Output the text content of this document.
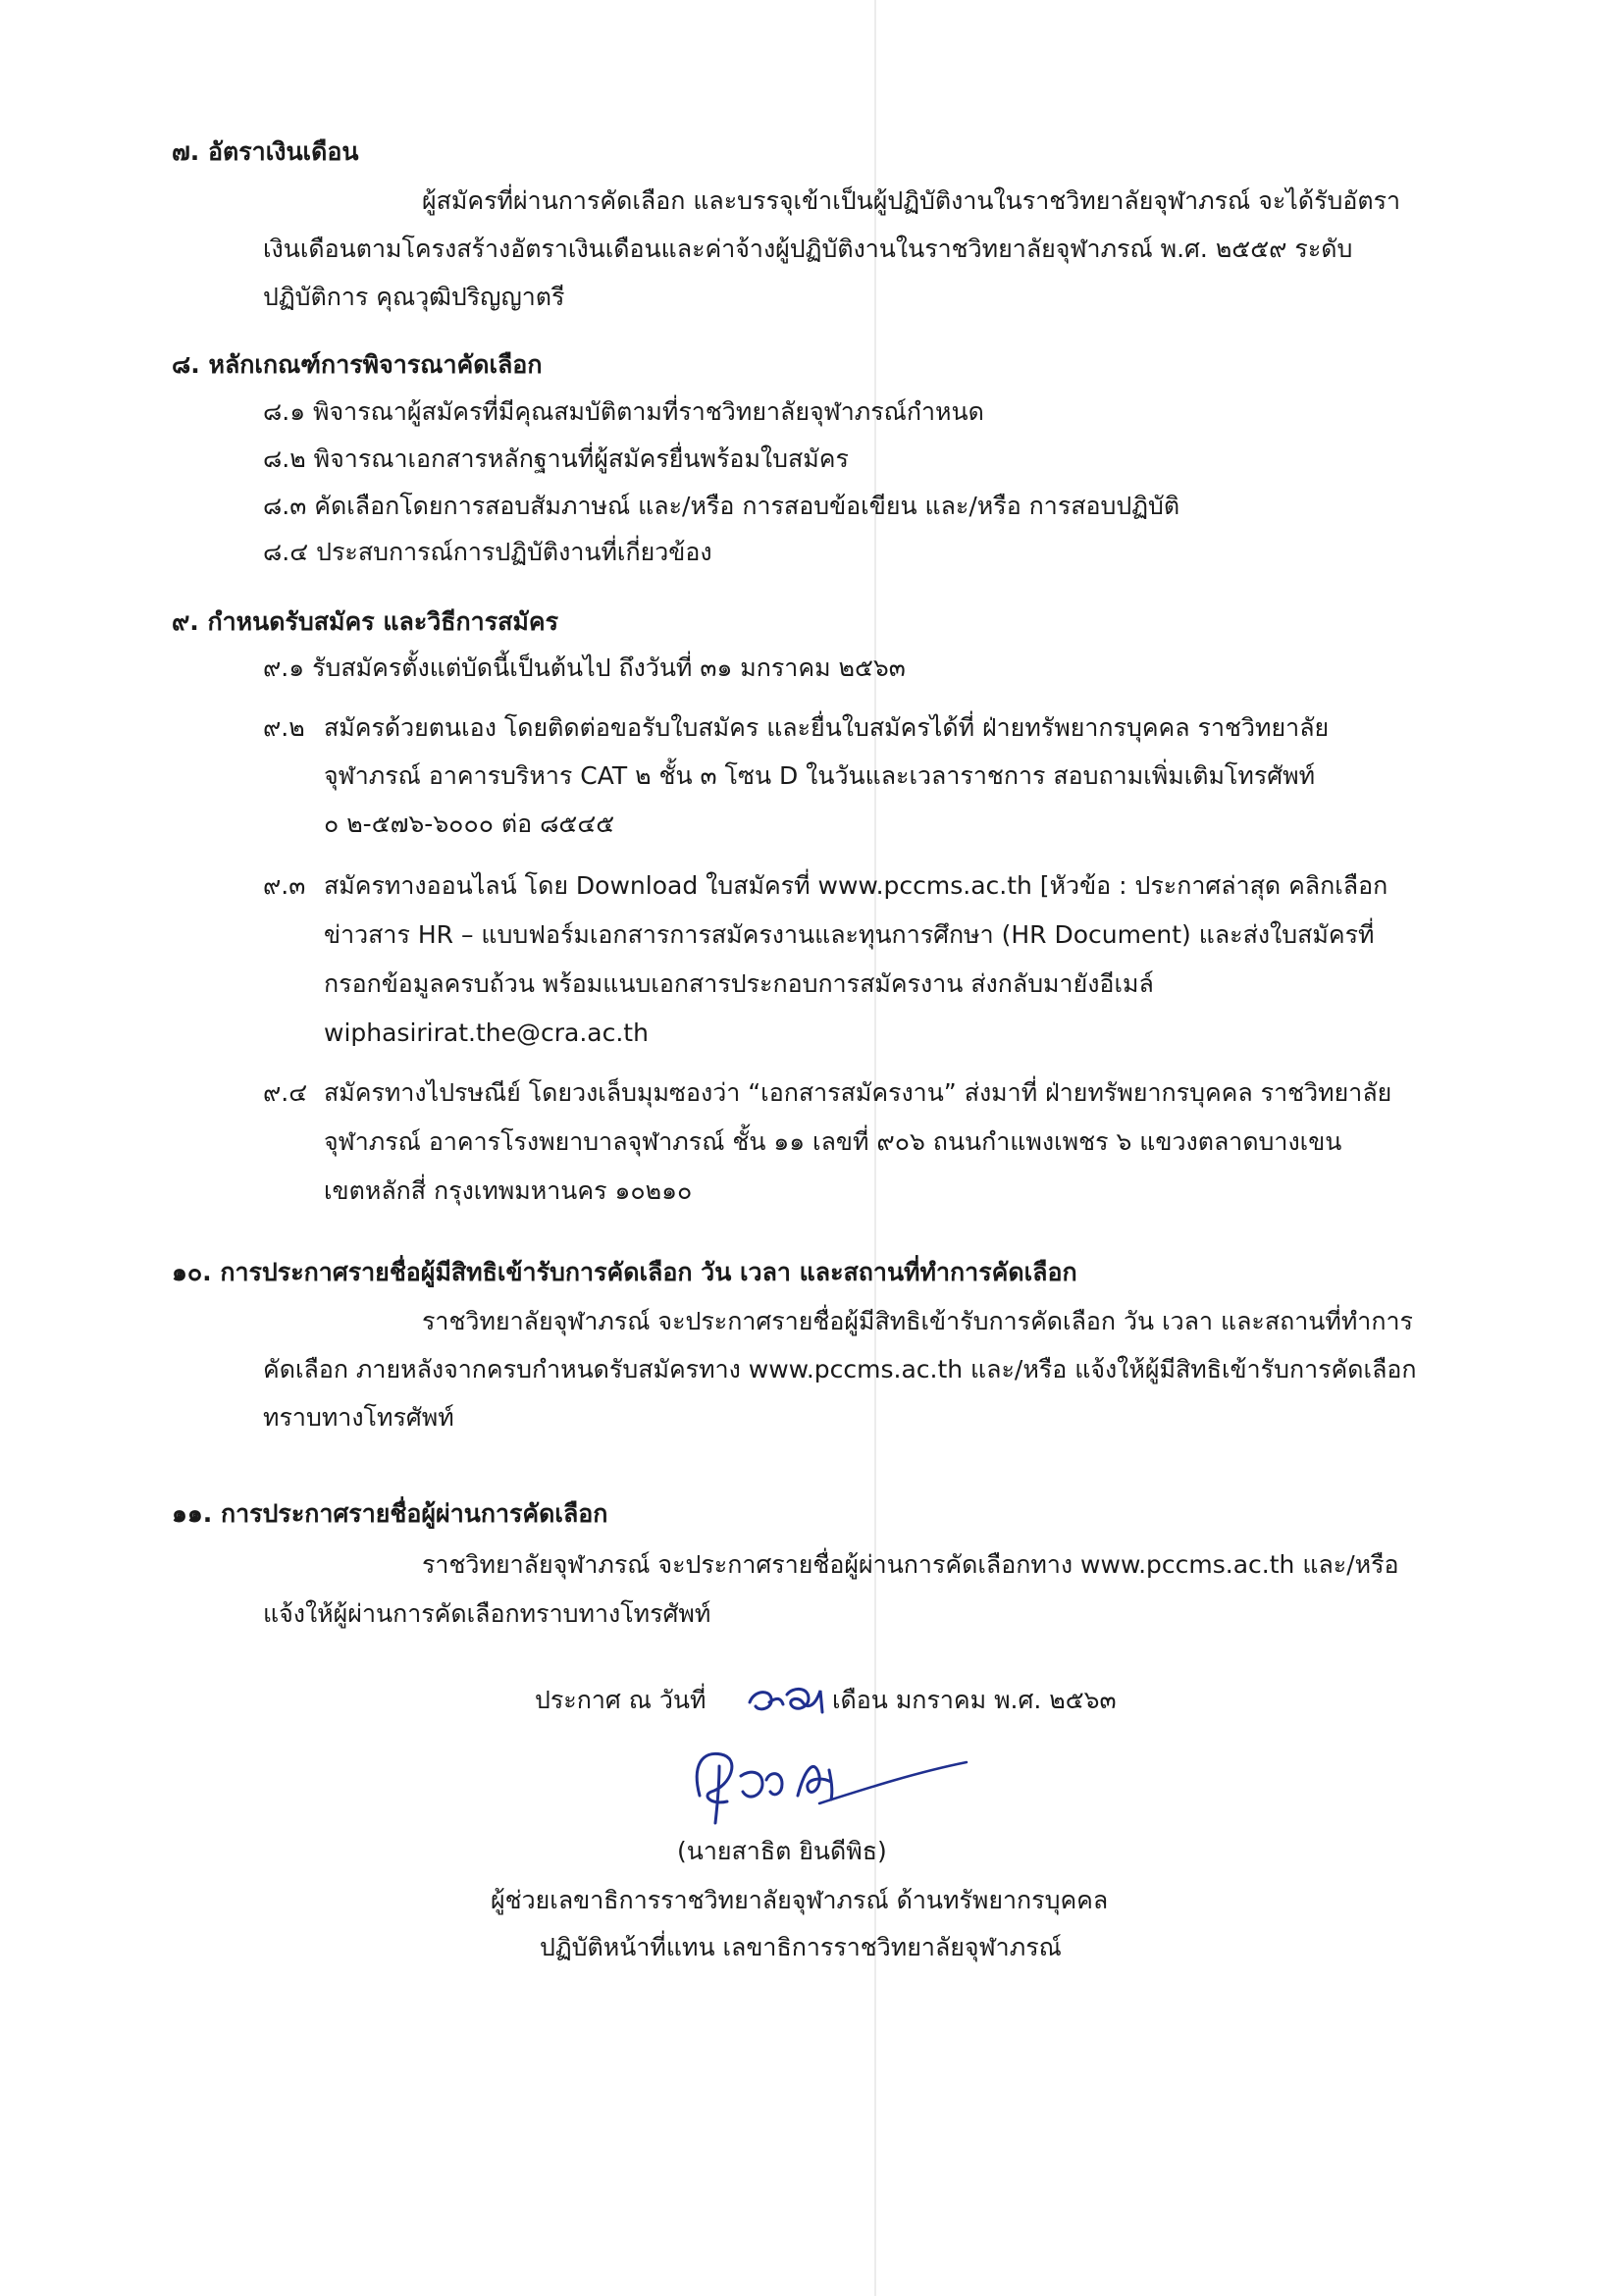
๗. อัตราเงินเดือน
ผู้สมัครที่ผ่านการคัดเลือก และบรรจุเข้าเป็นผู้ปฏิบัติงานในราชวิทยาลัยจุฬาภรณ์ จะได้รับอัตรา
เงินเดือนตามโครงสร้างอัตราเงินเดือนและค่าจ้างผู้ปฏิบัติงานในราชวิทยาลัยจุฬาภรณ์ พ.ศ. ๒๕๕๙ ระดับ
ปฏิบัติการ คุณวุฒิปริญญาตรี
๘. หลักเกณฑ์การพิจารณาคัดเลือก
๘.๑ พิจารณาผู้สมัครที่มีคุณสมบัติตามที่ราชวิทยาลัยจุฬาภรณ์กำหนด
๘.๒ พิจารณาเอกสารหลักฐานที่ผู้สมัครยื่นพร้อมใบสมัคร
๘.๓ คัดเลือกโดยการสอบสัมภาษณ์ และ/หรือ การสอบข้อเขียน และ/หรือ การสอบปฏิบัติ
๘.๔ ประสบการณ์การปฏิบัติงานที่เกี่ยวข้อง
๙. กำหนดรับสมัคร และวิธีการสมัคร
๙.๑ รับสมัครตั้งแต่บัดนี้เป็นต้นไป ถึงวันที่ ๓๑ มกราคม ๒๕๖๓
๙.๒ สมัครด้วยตนเอง โดยติดต่อขอรับใบสมัคร และยื่นใบสมัครได้ที่ ฝ่ายทรัพยากรบุคคล ราชวิทยาลัย
จุฬาภรณ์ อาคารบริหาร CAT ๒ ชั้น ๓ โซน D ในวันและเวลาราชการ สอบถามเพิ่มเติมโทรศัพท์
๐ ๒-๕๗๖-๖๐๐๐ ต่อ ๘๕๔๕
๙.๓ สมัครทางออนไลน์ โดย Download ใบสมัครที่ www.pccms.ac.th [หัวข้อ : ประกาศล่าสุด คลิกเลือก
ข่าวสาร HR – แบบฟอร์มเอกสารการสมัครงานและทุนการศึกษา (HR Document) และส่งใบสมัครที่
กรอกข้อมูลครบถ้วน พร้อมแนบเอกสารประกอบการสมัครงาน ส่งกลับมายังอีเมล์
wiphasirirat.the@cra.ac.th
๙.๔ สมัครทางไปรษณีย์ โดยวงเล็บมุมซองว่า “เอกสารสมัครงาน” ส่งมาที่ ฝ่ายทรัพยากรบุคคล ราชวิทยาลัย
จุฬาภรณ์ อาคารโรงพยาบาลจุฬาภรณ์ ชั้น ๑๑ เลขที่ ๙๐๖ ถนนกำแพงเพชร ๖ แขวงตลาดบางเขน
เขตหลักสี่ กรุงเทพมหานคร ๑๐๒๑๐
๑๐. การประกาศรายชื่อผู้มีสิทธิเข้ารับการคัดเลือก วัน เวลา และสถานที่ทำการคัดเลือก
ราชวิทยาลัยจุฬาภรณ์ จะประกาศรายชื่อผู้มีสิทธิเข้ารับการคัดเลือก วัน เวลา และสถานที่ทำการ
คัดเลือก ภายหลังจากครบกำหนดรับสมัครทาง www.pccms.ac.th และ/หรือ แจ้งให้ผู้มีสิทธิเข้ารับการคัดเลือก
ทราบทางโทรศัพท์
๑๑. การประกาศรายชื่อผู้ผ่านการคัดเลือก
ราชวิทยาลัยจุฬาภรณ์ จะประกาศรายชื่อผู้ผ่านการคัดเลือกทาง www.pccms.ac.th และ/หรือ
แจ้งให้ผู้ผ่านการคัดเลือกทราบทางโทรศัพท์
ประกาศ ณ วันที่	เดือน มกราคม พ.ศ. ๒๕๖๓
(นายสาธิต ยินดีพิธ)
ผู้ช่วยเลขาธิการราชวิทยาลัยจุฬาภรณ์ ด้านทรัพยากรบุคคล
ปฏิบัติหน้าที่แทน เลขาธิการราชวิทยาลัยจุฬาภรณ์
